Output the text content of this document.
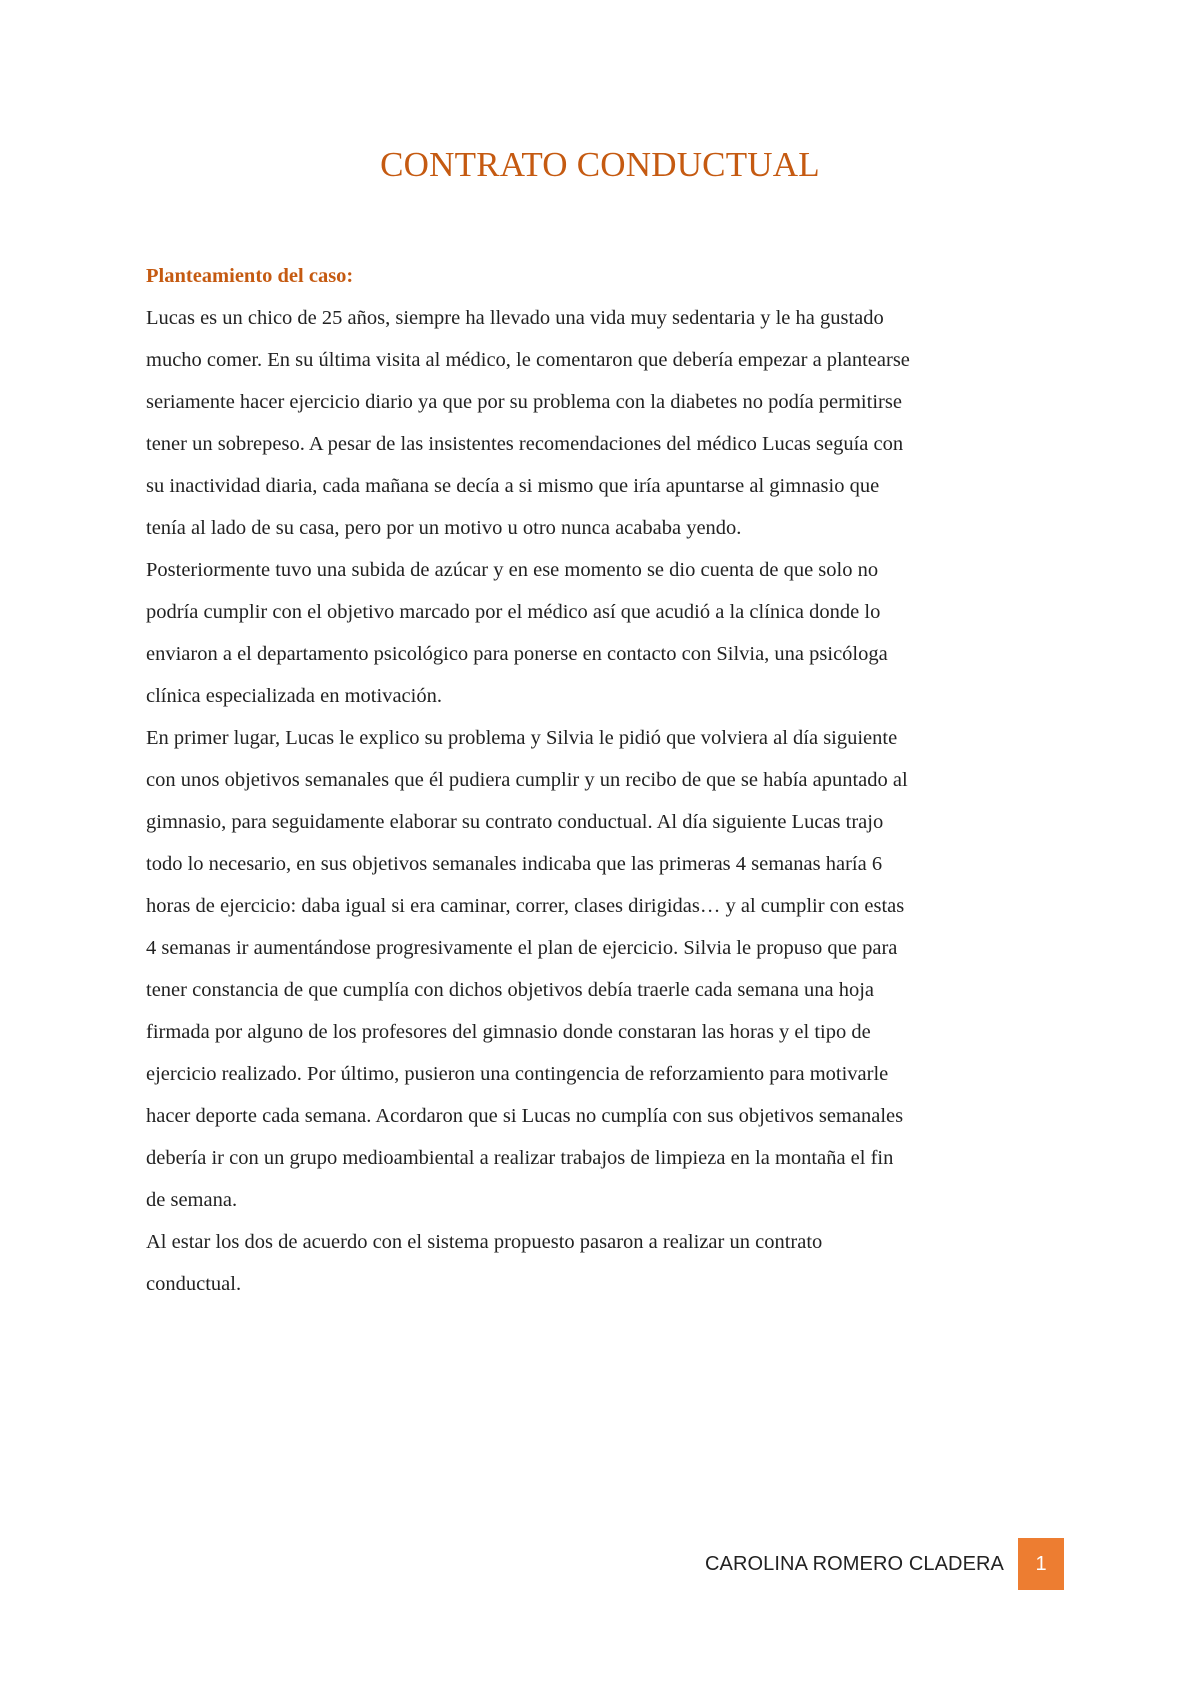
CONTRATO CONDUCTUAL
Planteamiento del caso:
Lucas es un chico de 25 años, siempre ha llevado una vida muy sedentaria y le ha gustado
mucho comer. En su última visita al médico, le comentaron que debería empezar a plantearse
seriamente hacer ejercicio diario ya que por su problema con la diabetes no podía permitirse
tener un sobrepeso. A pesar de las insistentes recomendaciones del médico Lucas seguía con
su inactividad diaria, cada mañana se decía a si mismo que iría apuntarse al gimnasio que
tenía al lado de su casa, pero por un motivo u otro nunca acababa yendo.
Posteriormente tuvo una subida de azúcar y en ese momento se dio cuenta de que solo no
podría cumplir con el objetivo marcado por el médico así que acudió a la clínica donde lo
enviaron a el departamento psicológico para ponerse en contacto con Silvia, una psicóloga
clínica especializada en motivación.
En primer lugar, Lucas le explico su problema y Silvia le pidió que volviera al día siguiente
con unos objetivos semanales que él pudiera cumplir y un recibo de que se había apuntado al
gimnasio, para seguidamente elaborar su contrato conductual. Al día siguiente Lucas trajo
todo lo necesario, en sus objetivos semanales indicaba que las primeras 4 semanas haría 6
horas de ejercicio: daba igual si era caminar, correr, clases dirigidas… y al cumplir con estas
4 semanas ir aumentándose progresivamente el plan de ejercicio. Silvia le propuso que para
tener constancia de que cumplía con dichos objetivos debía traerle cada semana una hoja
firmada por alguno de los profesores del gimnasio donde constaran las horas y el tipo de
ejercicio realizado. Por último, pusieron una contingencia de reforzamiento para motivarle
hacer deporte cada semana. Acordaron que si Lucas no cumplía con sus objetivos semanales
debería ir con un grupo medioambiental a realizar trabajos de limpieza en la montaña el fin
de semana.
Al estar los dos de acuerdo con el sistema propuesto pasaron a realizar un contrato
conductual.
CAROLINA ROMERO CLADERA	1
